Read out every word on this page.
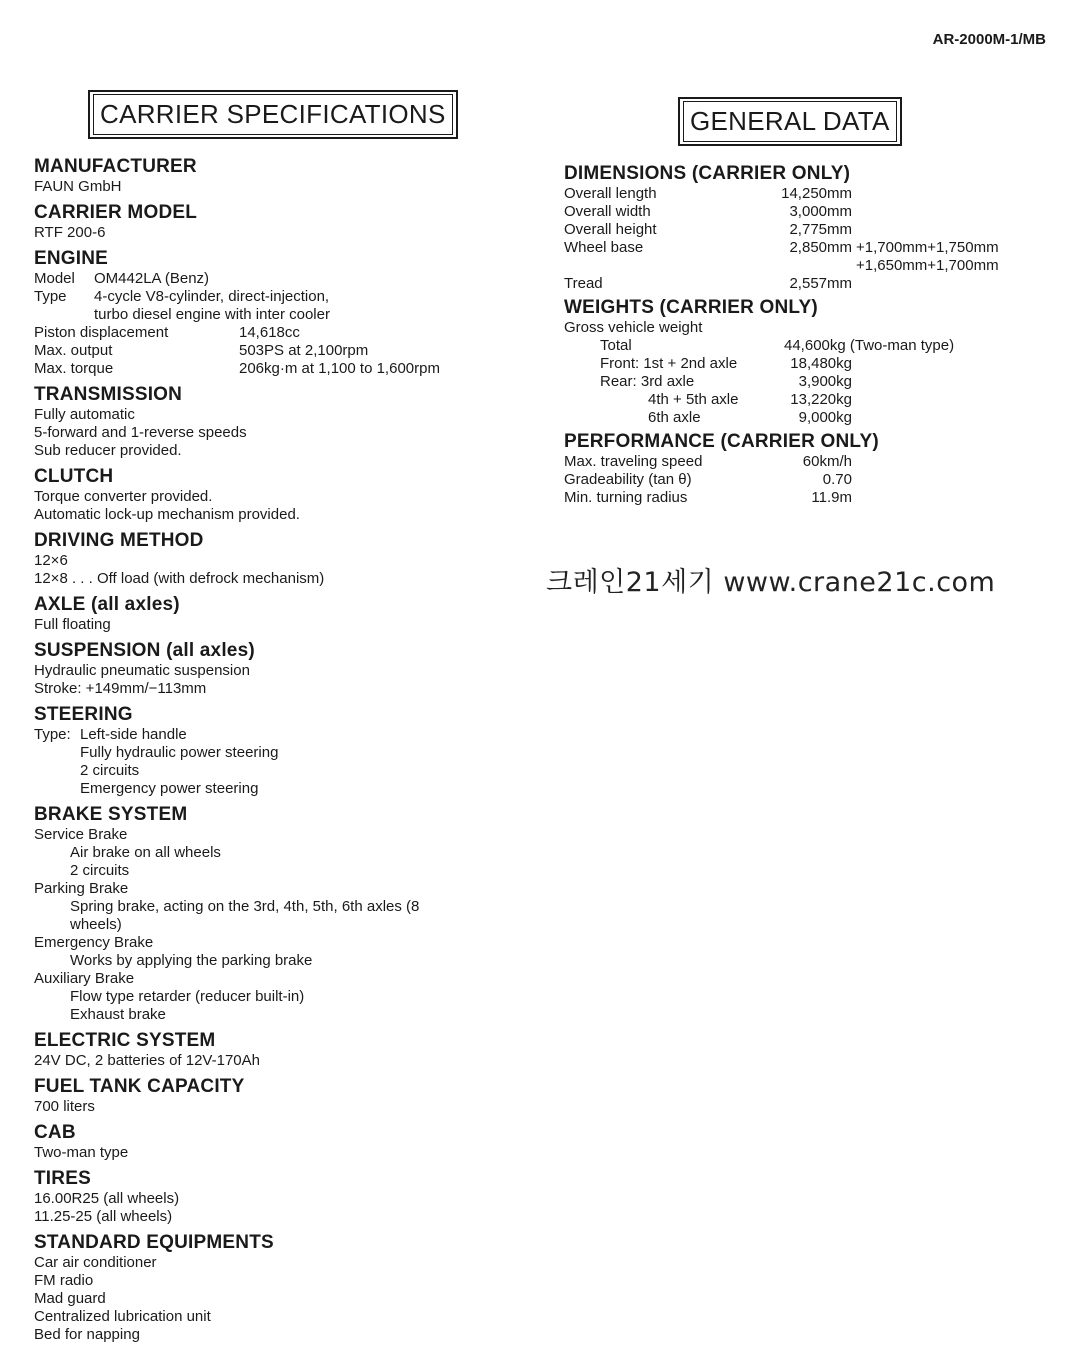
AR-2000M-1/MB
CARRIER SPECIFICATIONS	GENERAL DATA
MANUFACTURER
FAUN GmbH
CARRIER MODEL
RTF 200-6
ENGINE
Model	OM442LA (Benz)
Type	4-cycle V8-cylinder, direct-injection,
turbo diesel engine with inter cooler
Piston displacement	14,618cc
Max. output	503PS at 2,100rpm
Max. torque	206kg·m at 1,100 to 1,600rpm
TRANSMISSION
Fully automatic
5-forward and 1-reverse speeds
Sub reducer provided.
CLUTCH
Torque converter provided.
Automatic lock-up mechanism provided.
DRIVING METHOD
12×6
12×8 . . . Off load (with defrock mechanism)
AXLE (all axles)
Full floating
SUSPENSION (all axles)
Hydraulic pneumatic suspension
Stroke: +149mm/−113mm
STEERING
Type: Left-side handle
Fully hydraulic power steering
2 circuits
Emergency power steering
BRAKE SYSTEM
Service Brake
Air brake on all wheels
2 circuits
Parking Brake
Spring brake, acting on the 3rd, 4th, 5th, 6th axles (8
wheels)
Emergency Brake
Works by applying the parking brake
Auxiliary Brake
Flow type retarder (reducer built-in)
Exhaust brake
ELECTRIC SYSTEM
24V DC, 2 batteries of 12V-170Ah
FUEL TANK CAPACITY
700 liters
CAB
Two-man type
TIRES
16.00R25 (all wheels)
11.25-25 (all wheels)
STANDARD EQUIPMENTS
Car air conditioner
FM radio
Mad guard
Centralized lubrication unit
Bed for napping
DIMENSIONS (CARRIER ONLY)
Overall length	14,250mm
Overall width	3,000mm
Overall height	2,775mm
Wheel base	2,850mm +1,700mm+1,750mm
+1,650mm+1,700mm
Tread	2,557mm
WEIGHTS (CARRIER ONLY)
Gross vehicle weight
Total	44,600kg (Two-man type)
Front: 1st + 2nd axle	18,480kg
Rear: 3rd axle	3,900kg
4th + 5th axle	13,220kg
6th axle	9,000kg
PERFORMANCE (CARRIER ONLY)
Max. traveling speed	60km/h
Gradeability (tan θ)	0.70
Min. turning radius	11.9m
크레인21세기 www.crane21c.com
